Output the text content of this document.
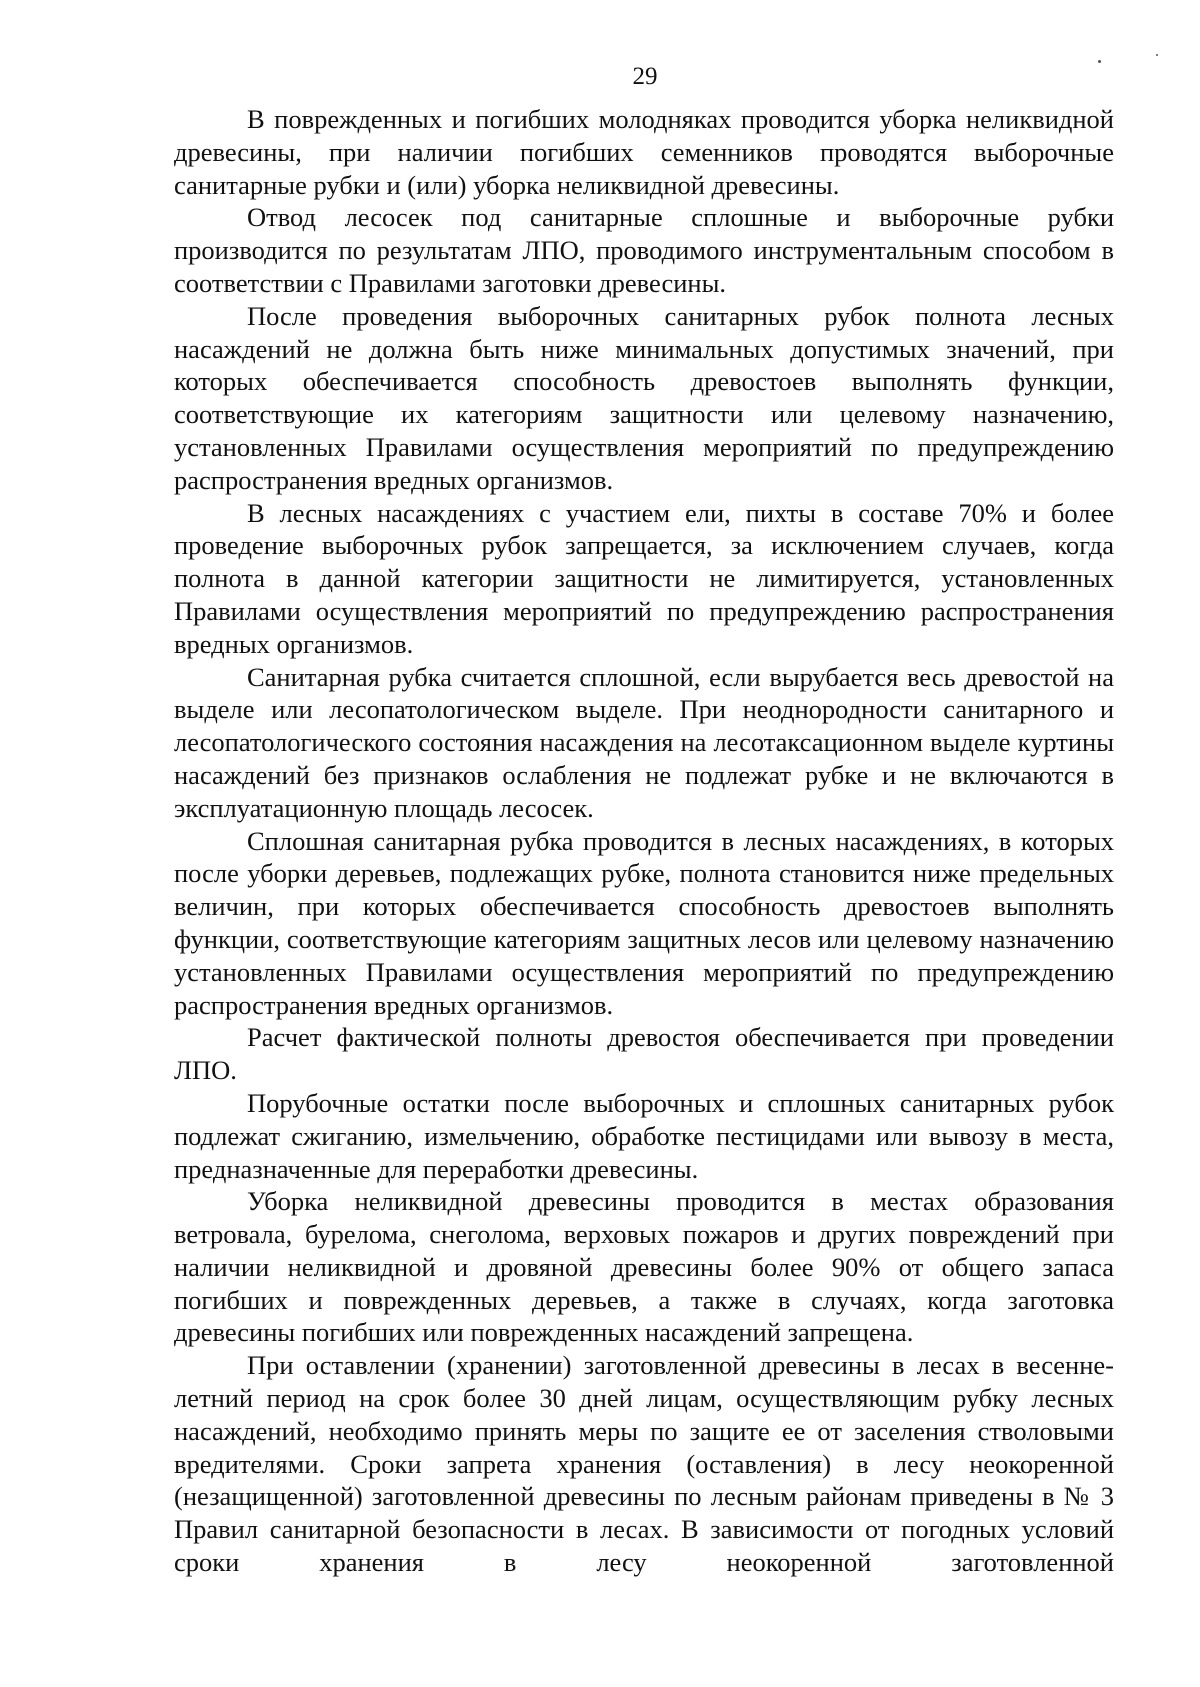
29

В поврежденных и погибших молодняках проводится уборка неликвидной древесины, при наличии погибших семенников проводятся выборочные санитарные рубки и (или) уборка неликвидной древесины.

Отвод лесосек под санитарные сплошные и выборочные рубки производится по результатам ЛПО, проводимого инструментальным способом в соответствии с Правилами заготовки древесины.

После проведения выборочных санитарных рубок полнота лесных насаждений не должна быть ниже минимальных допустимых значений, при которых обеспечивается способность древостоев выполнять функции, соответствующие их категориям защитности или целевому назначению, установленных Правилами осуществления мероприятий по предупреждению распространения вредных организмов.

В лесных насаждениях с участием ели, пихты в составе 70% и более проведение выборочных рубок запрещается, за исключением случаев, когда полнота в данной категории защитности не лимитируется, установленных Правилами осуществления мероприятий по предупреждению распространения вредных организмов.

Санитарная рубка считается сплошной, если вырубается весь древостой на выделе или лесопатологическом выделе. При неоднородности санитарного и лесопатологического состояния насаждения на лесотаксационном выделе куртины насаждений без признаков ослабления не подлежат рубке и не включаются в эксплуатационную площадь лесосек.

Сплошная санитарная рубка проводится в лесных насаждениях, в которых после уборки деревьев, подлежащих рубке, полнота становится ниже предельных величин, при которых обеспечивается способность древостоев выполнять функции, соответствующие категориям защитных лесов или целевому назначению установленных Правилами осуществления мероприятий по предупреждению распространения вредных организмов.

Расчет фактической полноты древостоя обеспечивается при проведении ЛПО.

Порубочные остатки после выборочных и сплошных санитарных рубок подлежат сжиганию, измельчению, обработке пестицидами или вывозу в места, предназначенные для переработки древесины.

Уборка неликвидной древесины проводится в местах образования ветровала, бурелома, снеголома, верховых пожаров и других повреждений при наличии неликвидной и дровяной древесины более 90% от общего запаса погибших и поврежденных деревьев, а также в случаях, когда заготовка древесины погибших или поврежденных насаждений запрещена.

При оставлении (хранении) заготовленной древесины в лесах в весенне-летний период на срок более 30 дней лицам, осуществляющим рубку лесных насаждений, необходимо принять меры по защите ее от заселения стволовыми вредителями. Сроки запрета хранения (оставления) в лесу неокоренной (незащищенной) заготовленной древесины по лесным районам приведены в № 3 Правил санитарной безопасности в лесах. В зависимости от погодных условий сроки хранения в лесу неокоренной заготовленной
